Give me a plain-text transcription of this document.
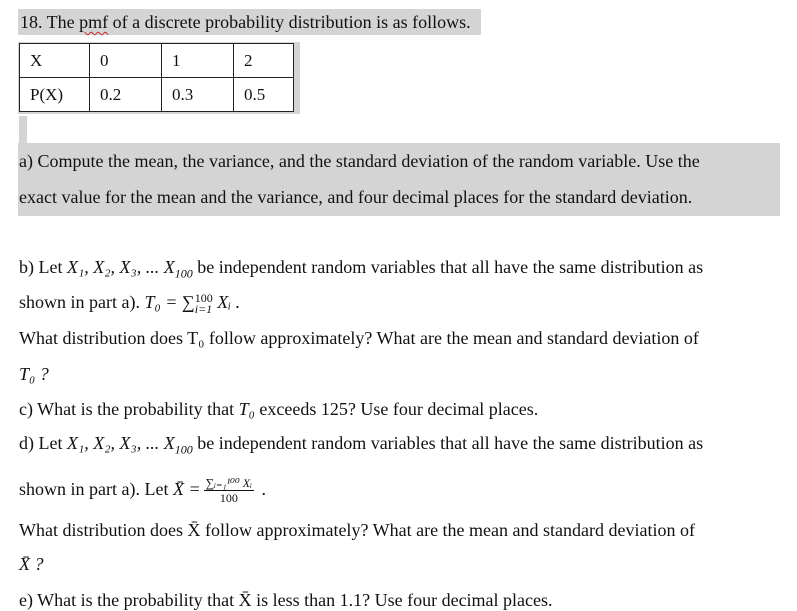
18. The pmf of a discrete probability distribution is as follows.
X	0	1	2
P(X)	0.2	0.3	0.5
a) Compute the mean, the variance, and the standard deviation of the random variable. Use the
exact value for the mean and the variance, and four decimal places for the standard deviation.
b) Let X₁, X₂, X₃, ... $X_{100}$ be independent random variables that all have the same distribution as
shown in part a). T₀ = ∑ 100
i=1 Xᵢ .
What distribution does T₀ follow approximately? What are the mean and standard deviation of
T₀ ?
c) What is the probability that T₀ exceeds 125? Use four decimal places.
d) Let X₁, X₂, X₃, ... $X_{100}$ be independent random variables that all have the same distribution as
shown in part a). Let X̄ = $\frac{\text{∑ᵢ₌₁¹⁰⁰ Xᵢ}}{100}$ .
What distribution does X̄ follow approximately? What are the mean and standard deviation of
X̄ ?
e) What is the probability that X̄ is less than 1.1? Use four decimal places.
